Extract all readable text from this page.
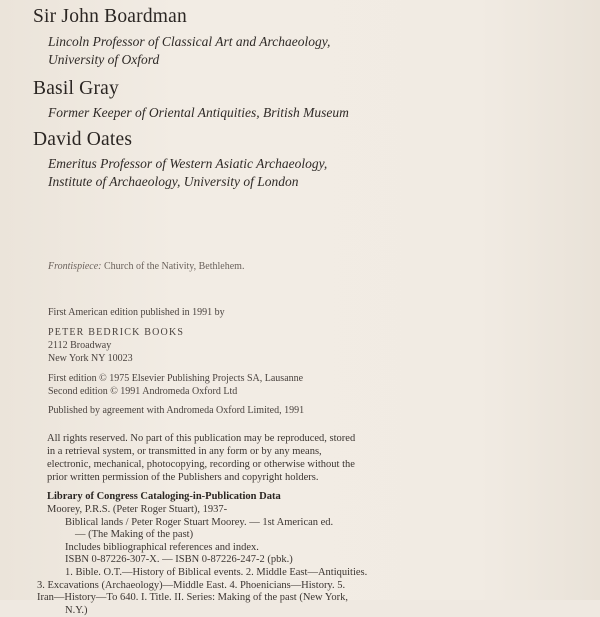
Sir John Boardman
Lincoln Professor of Classical Art and Archaeology,
University of Oxford
Basil Gray
Former Keeper of Oriental Antiquities, British Museum
David Oates
Emeritus Professor of Western Asiatic Archaeology,
Institute of Archaeology, University of London
Frontispiece: Church of the Nativity, Bethlehem.
First American edition published in 1991 by
PETER BEDRICK BOOKS
2112 Broadway
New York NY 10023
First edition © 1975 Elsevier Publishing Projects SA, Lausanne
Second edition © 1991 Andromeda Oxford Ltd
Published by agreement with Andromeda Oxford Limited, 1991
All rights reserved. No part of this publication may be reproduced, stored
in a retrieval system, or transmitted in any form or by any means,
electronic, mechanical, photocopying, recording or otherwise without the
prior written permission of the Publishers and copyright holders.
Library of Congress Cataloging-in-Publication Data
Moorey, P.R.S. (Peter Roger Stuart), 1937-
Biblical lands / Peter Roger Stuart Moorey. — 1st American ed.
— (The Making of the past)
Includes bibliographical references and index.
ISBN 0-87226-307-X. — ISBN 0-87226-247-2 (pbk.)
1. Bible. O.T.—History of Biblical events. 2. Middle East—Antiquities.
3. Excavations (Archaeology)—Middle East. 4. Phoenicians—History. 5.
Iran—History—To 640. I. Title. II. Series: Making of the past (New York,
N.Y.)
